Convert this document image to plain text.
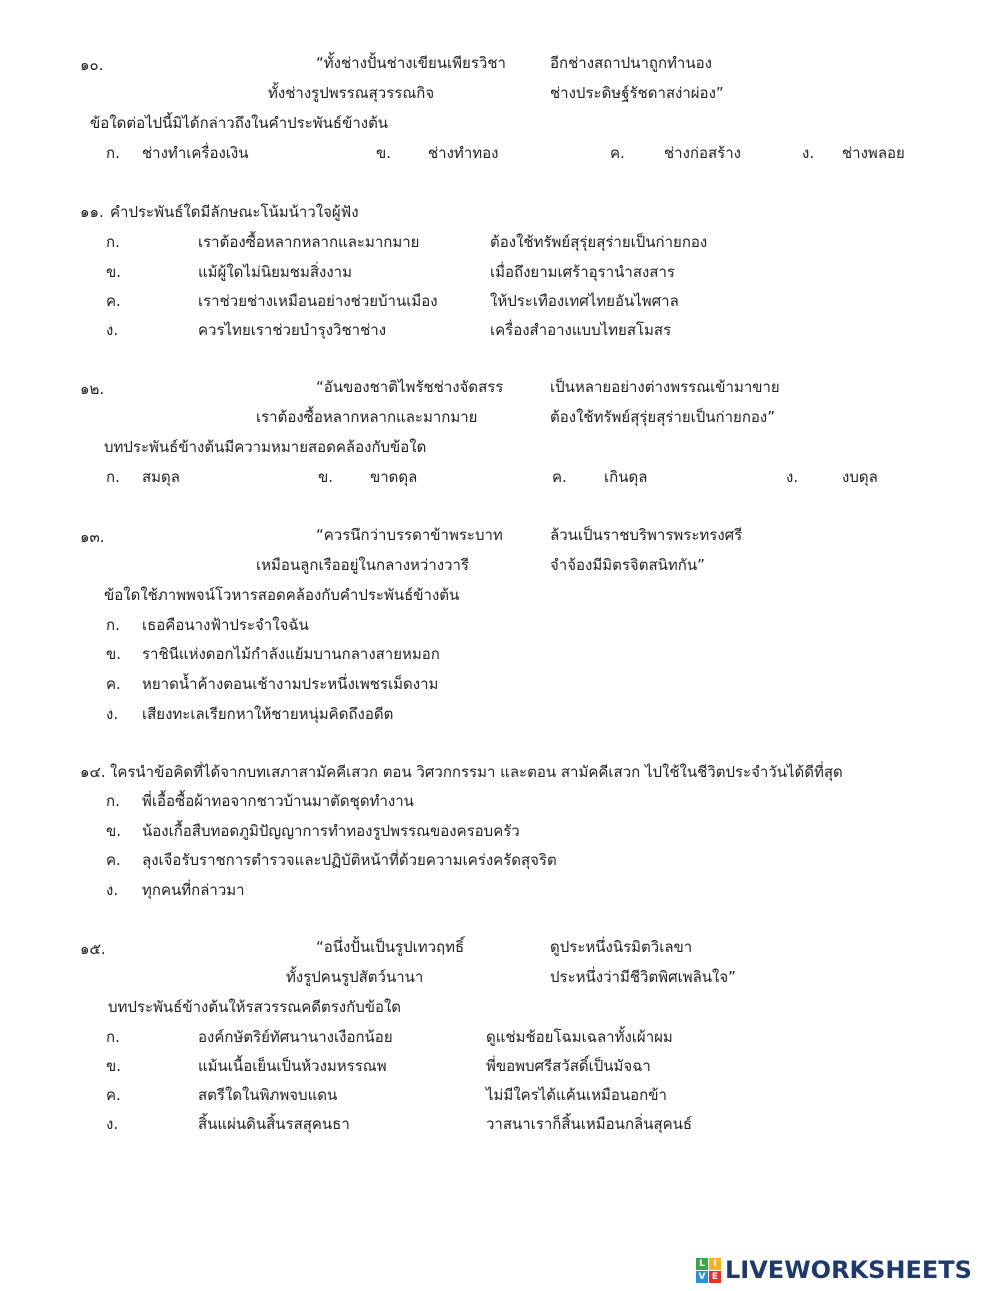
๑๐.	“ทั้งช่างปั้นช่างเขียนเพียรวิชา	อีกช่างสถาปนาถูกทำนอง
ทั้งช่างรูปพรรณสุวรรณกิจ	ช่างประดิษฐ์รัชดาสง่าผ่อง”
ข้อใดต่อไปนี้มิได้กล่าวถึงในคำประพันธ์ข้างต้น
ก. ช่างทำเครื่องเงิน	ข. ช่างทำทอง	ค.	ช่างก่อสร้าง	ง. ช่างพลอย
๑๑. คำประพันธ์ใดมีลักษณะโน้มน้าวใจผู้ฟัง
ก.	เราต้องซื้อหลากหลากและมากมาย	ต้องใช้ทรัพย์สุรุ่ยสุร่ายเป็นก่ายกอง
ข.	แม้ผู้ใดไม่นิยมชมสิ่งงาม	เมื่อถึงยามเศร้าอุรานำสงสาร
ค.	เราช่วยช่างเหมือนอย่างช่วยบ้านเมือง	ให้ประเทืองเทศไทยอันไพศาล
ง.	ควรไทยเราช่วยบำรุงวิชาช่าง	เครื่องสำอางแบบไทยสโมสร
๑๒.	“อันของชาติไพรัชช่างจัดสรร	เป็นหลายอย่างต่างพรรณเข้ามาขาย
เราต้องซื้อหลากหลากและมากมาย	ต้องใช้ทรัพย์สุรุ่ยสุร่ายเป็นก่ายกอง”
บทประพันธ์ข้างต้นมีความหมายสอดคล้องกับข้อใด
ก. สมดุล	ข. ขาดดุล	ค. เกินดุล	ง.	งบดุล
๑๓.	“ควรนึกว่าบรรดาข้าพระบาท	ล้วนเป็นราชบริพารพระทรงศรี
เหมือนลูกเรืออยู่ในกลางหว่างวารี	จำจ้องมีมิตรจิตสนิทกัน”
ข้อใดใช้ภาพพจน์โวหารสอดคล้องกับคำประพันธ์ข้างต้น
ก. เธอคือนางฟ้าประจำใจฉัน
ข. ราชินีแห่งดอกไม้กำลังแย้มบานกลางสายหมอก
ค. หยาดน้ำค้างตอนเช้างามประหนึ่งเพชรเม็ดงาม
ง. เสียงทะเลเรียกหาให้ชายหนุ่มคิดถึงอดีต
๑๔. ใครนำข้อคิดที่ได้จากบทเสภาสามัคคีเสวก ตอน วิศวกกรรมา และตอน สามัคคีเสวก ไปใช้ในชีวิตประจำวันได้ดีที่สุด
ก. พี่เอื้อซื้อผ้าทอจากชาวบ้านมาตัดชุดทำงาน
ข. น้องเกื้อสืบทอดภูมิปัญญาการทำทองรูปพรรณของครอบครัว
ค. ลุงเจือรับราชการตำรวจและปฏิบัติหน้าที่ด้วยความเคร่งครัดสุจริต
ง. ทุกคนที่กล่าวมา
๑๕.	“อนึ่งปั้นเป็นรูปเทวฤทธิ์	ดูประหนึ่งนิรมิตวิเลขา
ทั้งรูปคนรูปสัตว์นานา	ประหนึ่งว่ามีชีวิตพิศเพลินใจ”
บทประพันธ์ข้างต้นให้รสวรรณคดีตรงกับข้อใด
ก.	องค์กษัตริย์ทัศนานางเงือกน้อย	ดูแช่มช้อยโฉมเฉลาทั้งเผ้าผม
ข.	แม้นเนื้อเย็นเป็นห้วงมหรรณพ	พี่ขอพบศรีสวัสดิ์เป็นมัจฉา
ค.	สตรีใดในพิภพจบแดน	ไม่มีใครได้แค้นเหมือนอกข้า
ง.	สิ้นแผ่นดินสิ้นรสสุคนธา	วาสนาเราก็สิ้นเหมือนกลิ่นสุคนธ์
L I
V E LIVEWORKSHEETS
